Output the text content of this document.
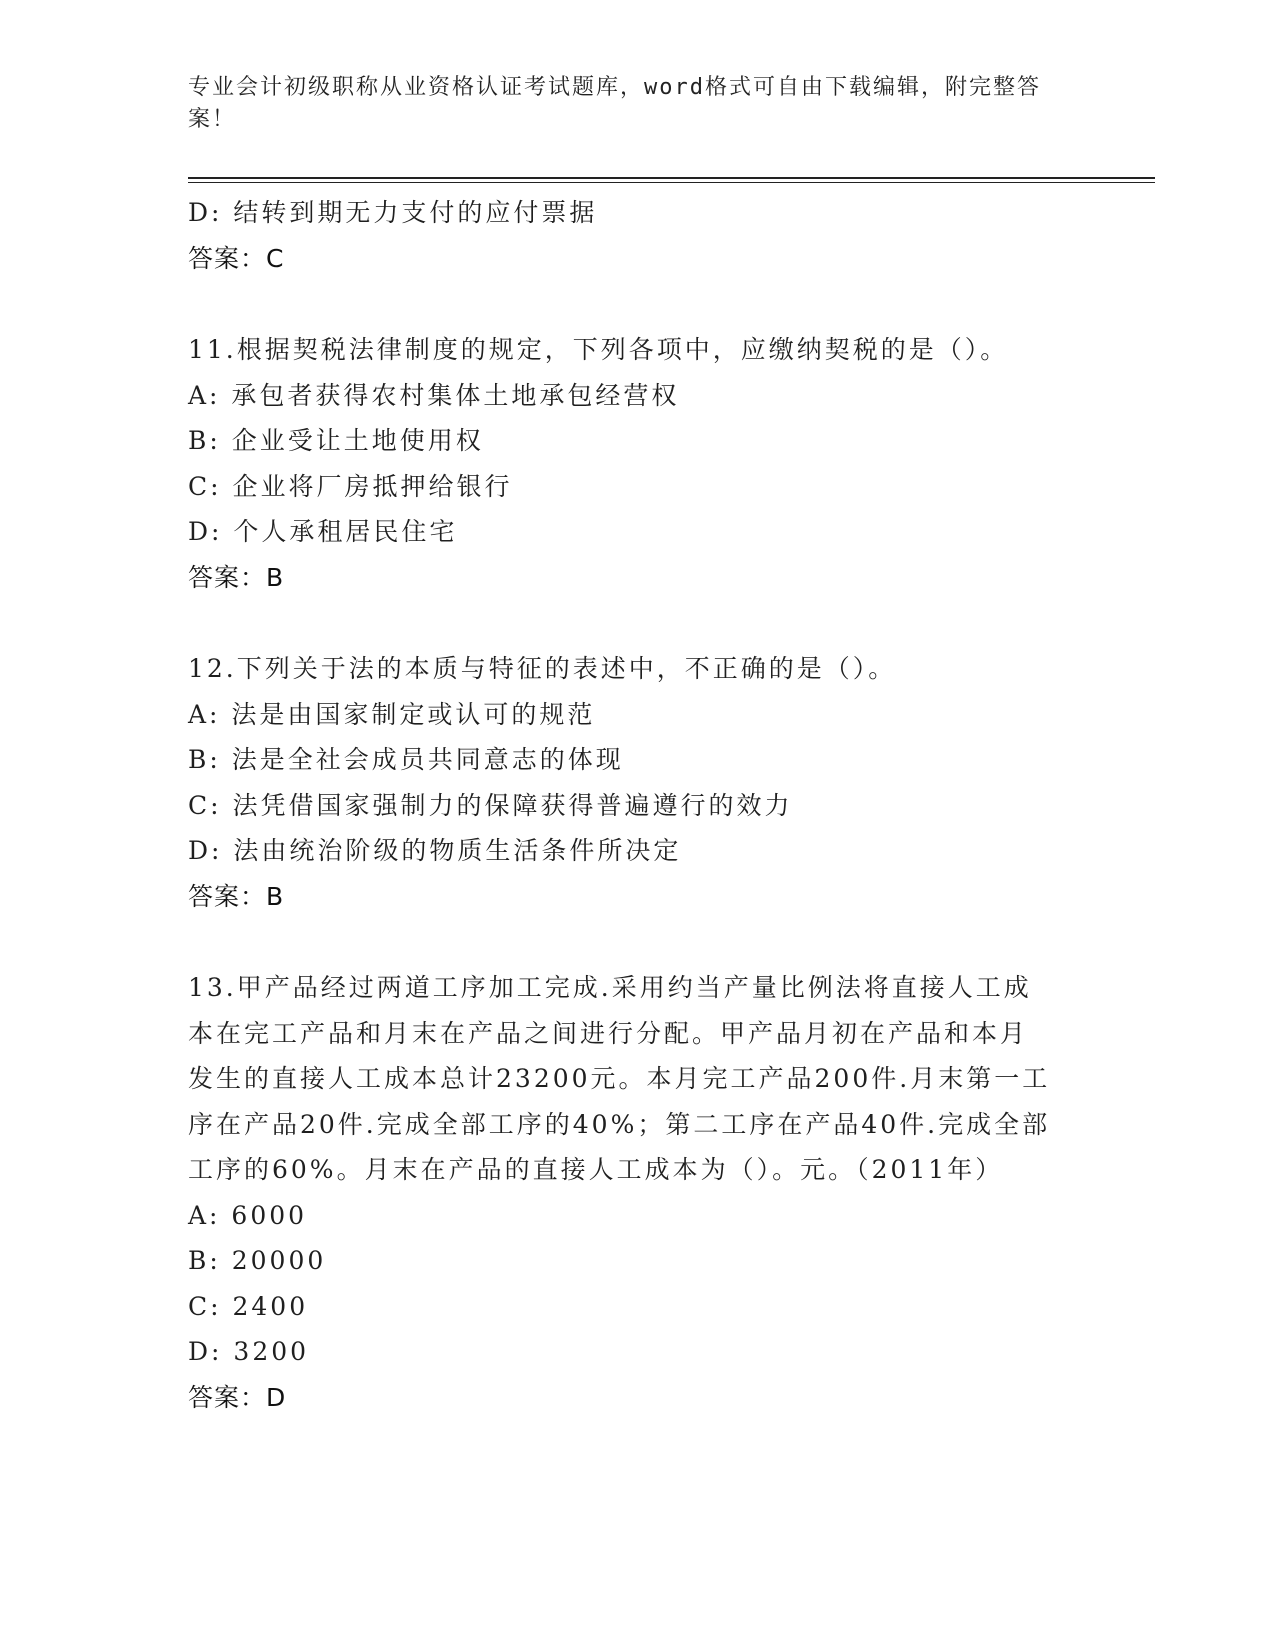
专业会计初级职称从业资格认证考试题库，word格式可自由下载编辑，附完整答案！
D: 结转到期无力支付的应付票据
答案：C
11.根据契税法律制度的规定，下列各项中，应缴纳契税的是（）。
A: 承包者获得农村集体土地承包经营权
B: 企业受让土地使用权
C: 企业将厂房抵押给银行
D: 个人承租居民住宅
答案：B
12.下列关于法的本质与特征的表述中，不正确的是（）。
A: 法是由国家制定或认可的规范
B: 法是全社会成员共同意志的体现
C: 法凭借国家强制力的保障获得普遍遵行的效力
D: 法由统治阶级的物质生活条件所决定
答案：B
13.甲产品经过两道工序加工完成.采用约当产量比例法将直接人工成
本在完工产品和月末在产品之间进行分配。甲产品月初在产品和本月
发生的直接人工成本总计23200元。本月完工产品200件.月末第一工
序在产品20件.完成全部工序的40%；第二工序在产品40件.完成全部
工序的60%。月末在产品的直接人工成本为（）。元。（2011年）
A: 6000
B: 20000
C: 2400
D: 3200
答案：D
